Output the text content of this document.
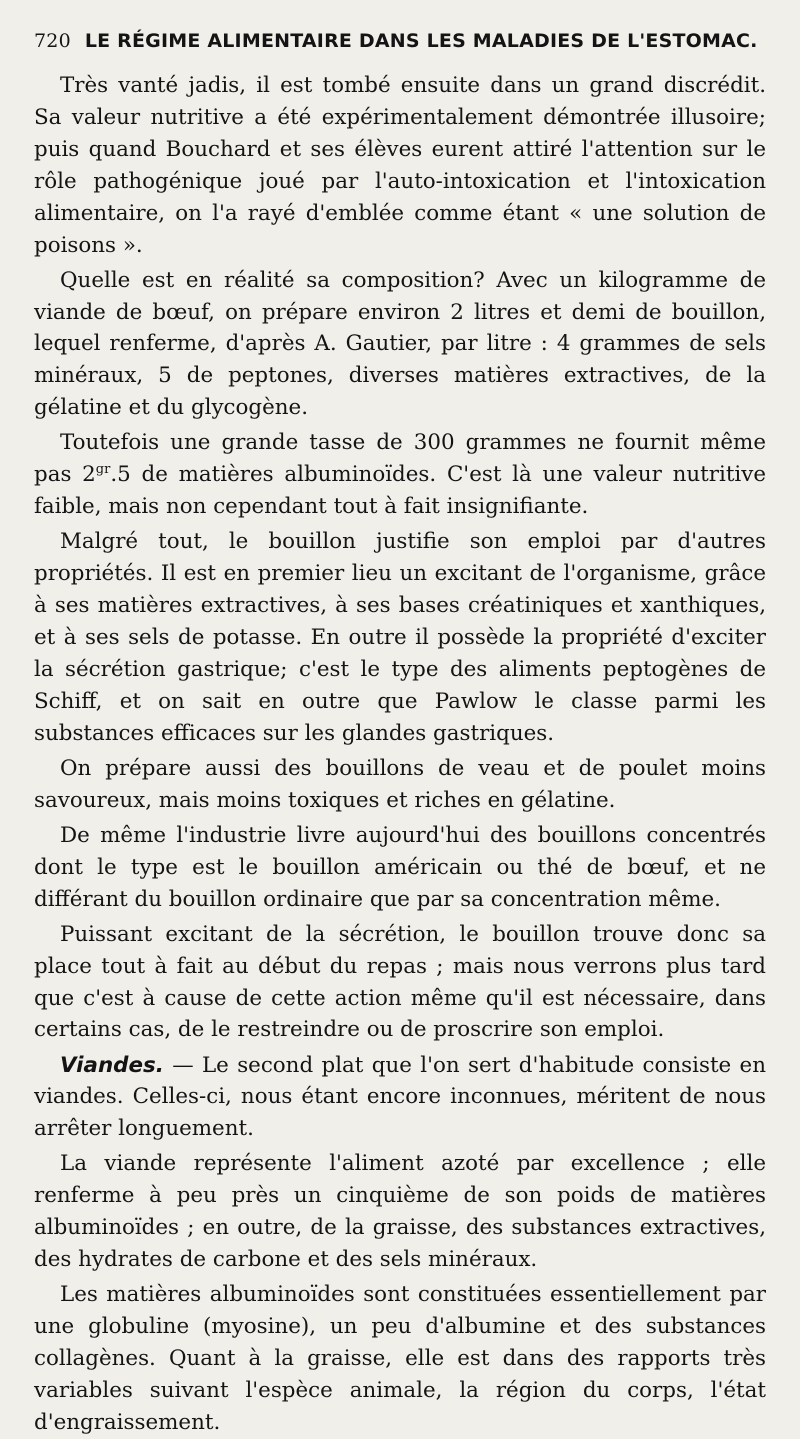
720 LE RÉGIME ALIMENTAIRE DANS LES MALADIES DE L'ESTOMAC.

Très vanté jadis, il est tombé ensuite dans un grand discrédit. Sa valeur nutritive a été expérimentalement démontrée illusoire; puis quand Bouchard et ses élèves eurent attiré l'attention sur le rôle pathogénique joué par l'auto-intoxication et l'intoxication alimentaire, on l'a rayé d'emblée comme étant « une solution de poisons ».

Quelle est en réalité sa composition? Avec un kilogramme de viande de bœuf, on prépare environ 2 litres et demi de bouillon, lequel renferme, d'après A. Gautier, par litre : 4 grammes de sels minéraux, 5 de peptones, diverses matières extractives, de la gélatine et du glycogène.

Toutefois une grande tasse de 300 grammes ne fournit même pas $2^{gr}.5$ de matières albuminoïdes. C'est là une valeur nutritive faible, mais non cependant tout à fait insignifiante.

Malgré tout, le bouillon justifie son emploi par d'autres propriétés. Il est en premier lieu un excitant de l'organisme, grâce à ses matières extractives, à ses bases créatiniques et xanthiques, et à ses sels de potasse. En outre il possède la propriété d'exciter la sécrétion gastrique; c'est le type des aliments peptogènes de Schiff, et on sait en outre que Pawlow le classe parmi les substances efficaces sur les glandes gastriques.

On prépare aussi des bouillons de veau et de poulet moins savoureux, mais moins toxiques et riches en gélatine.

De même l'industrie livre aujourd'hui des bouillons concentrés dont le type est le bouillon américain ou thé de bœuf, et ne différant du bouillon ordinaire que par sa concentration même.

Puissant excitant de la sécrétion, le bouillon trouve donc sa place tout à fait au début du repas ; mais nous verrons plus tard que c'est à cause de cette action même qu'il est nécessaire, dans certains cas, de le restreindre ou de proscrire son emploi.

Viandes. — Le second plat que l'on sert d'habitude consiste en viandes. Celles-ci, nous étant encore inconnues, méritent de nous arrêter longuement.

La viande représente l'aliment azoté par excellence ; elle renferme à peu près un cinquième de son poids de matières albuminoïdes ; en outre, de la graisse, des substances extractives, des hydrates de carbone et des sels minéraux.

Les matières albuminoïdes sont constituées essentiellement par une globuline (myosine), un peu d'albumine et des substances collagènes. Quant à la graisse, elle est dans des rapports très variables suivant l'espèce animale, la région du corps, l'état d'engraissement.
